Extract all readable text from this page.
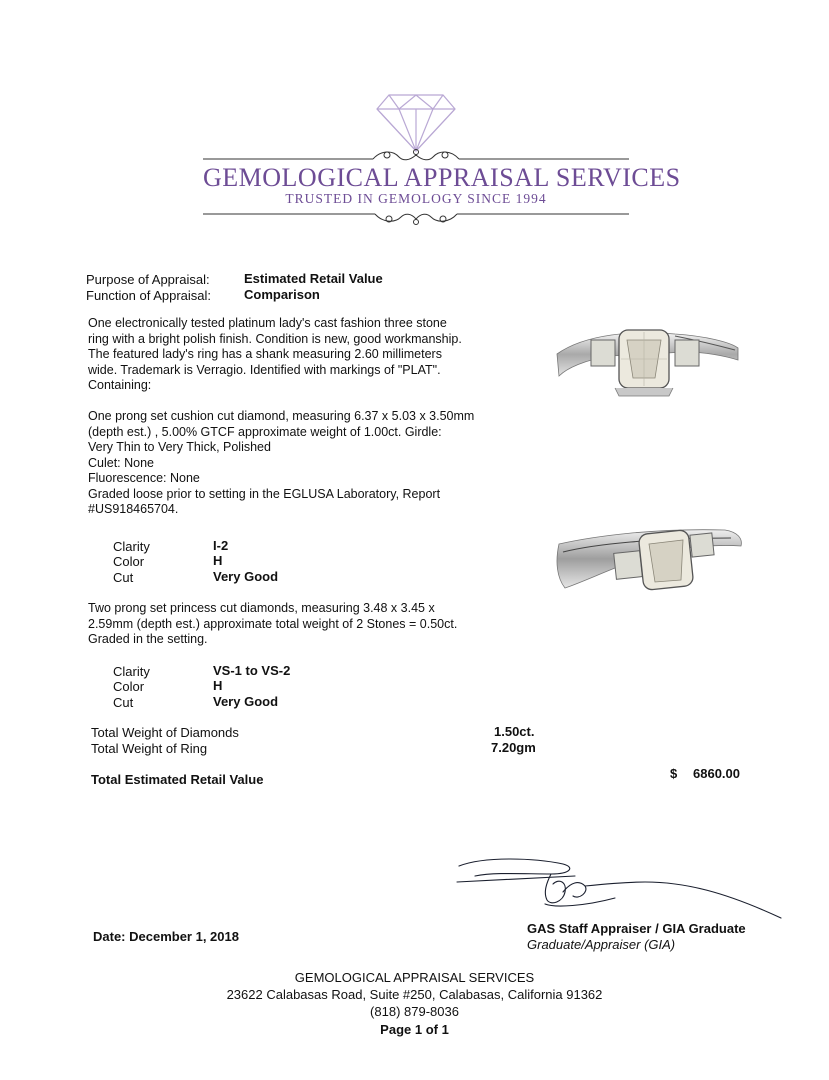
GEMOLOGICAL APPRAISAL SERVICES
TRUSTED IN GEMOLOGY SINCE 1994
Purpose of Appraisal:	Estimated Retail Value
Function of Appraisal:	Comparison
One electronically tested platinum lady's cast fashion three stone
ring with a bright polish finish. Condition is new, good workmanship.
The featured lady's ring has a shank measuring 2.60 millimeters
wide. Trademark is Verragio. Identified with markings of "PLAT".
Containing:
One prong set cushion cut diamond, measuring 6.37 x 5.03 x 3.50mm
(depth est.) , 5.00% GTCF approximate weight of 1.00ct. Girdle:
Very Thin to Very Thick, Polished
Culet: None
Fluorescence: None
Graded loose prior to setting in the EGLUSA Laboratory, Report
#US918465704.
Clarity	I-2
Color	H
Cut	Very Good
Two prong set princess cut diamonds, measuring 3.48 x 3.45 x
2.59mm (depth est.) approximate total weight of 2 Stones = 0.50ct.
Graded in the setting.
Clarity	VS-1 to VS-2
Color	H
Cut	Very Good
Total Weight of Diamonds	1.50ct.
Total Weight of Ring	7.20gm
Total Estimated Retail Value	$ 6860.00
Date: December 1, 2018
GAS Staff Appraiser / GIA Graduate
Graduate/Appraiser (GIA)
GEMOLOGICAL APPRAISAL SERVICES
23622 Calabasas Road, Suite #250, Calabasas, California 91362
(818) 879-8036
Page 1 of 1
